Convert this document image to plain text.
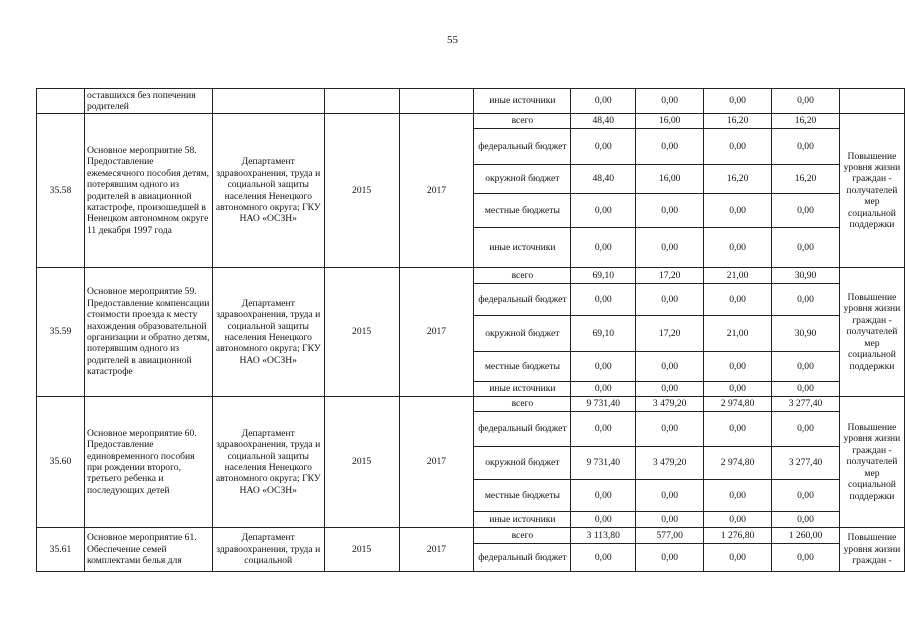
55
	оставшихся без попечения родителей				иные источники	0,00	0,00	0,00	0,00	
35.58	Основное мероприятие 58. Предоставление ежемесячного пособия детям, потерявшим одного из родителей в авиационной катастрофе, произошедшей в Ненецком автономном округе 11 декабря 1997 года	Департамент здравоохранения, труда и социальной защиты населения Ненецкого автономного округа; ГКУ НАО «ОСЗН»	2015	2017	всего	48,40	16,00	16,20	16,20	Повышение уровня жизни граждан - получателей мер социальной поддержки
					федеральный бюджет	0,00	0,00	0,00	0,00	
					окружной бюджет	48,40	16,00	16,20	16,20	
					местные бюджеты	0,00	0,00	0,00	0,00	
					иные источники	0,00	0,00	0,00	0,00	
35.59	Основное мероприятие 59. Предоставление компенсации стоимости проезда к месту нахождения образовательной организации и обратно детям, потерявшим одного из родителей в авиационной катастрофе	Департамент здравоохранения, труда и социальной защиты населения Ненецкого автономного округа; ГКУ НАО «ОСЗН»	2015	2017	всего	69,10	17,20	21,00	30,90	Повышение уровня жизни граждан - получателей мер социальной поддержки
					федеральный бюджет	0,00	0,00	0,00	0,00	
					окружной бюджет	69,10	17,20	21,00	30,90	
					местные бюджеты	0,00	0,00	0,00	0,00	
					иные источники	0,00	0,00	0,00	0,00	
35.60	Основное мероприятие 60. Предоставление единовременного пособия при рождении второго, третьего ребенка и последующих детей	Департамент здравоохранения, труда и социальной защиты населения Ненецкого автономного округа; ГКУ НАО «ОСЗН»	2015	2017	всего	9 731,40	3 479,20	2 974,80	3 277,40	Повышение уровня жизни граждан - получателей мер социальной поддержки
					федеральный бюджет	0,00	0,00	0,00	0,00	
					окружной бюджет	9 731,40	3 479,20	2 974,80	3 277,40	
					местные бюджеты	0,00	0,00	0,00	0,00	
					иные источники	0,00	0,00	0,00	0,00	
35.61	Основное мероприятие 61. Обеспечение семей комплектами белья для	Департамент здравоохранения, труда и социальной	2015	2017	всего	3 113,80	577,00	1 276,80	1 260,00	Повышение уровня жизни граждан -
					федеральный бюджет	0,00	0,00	0,00	0,00	
